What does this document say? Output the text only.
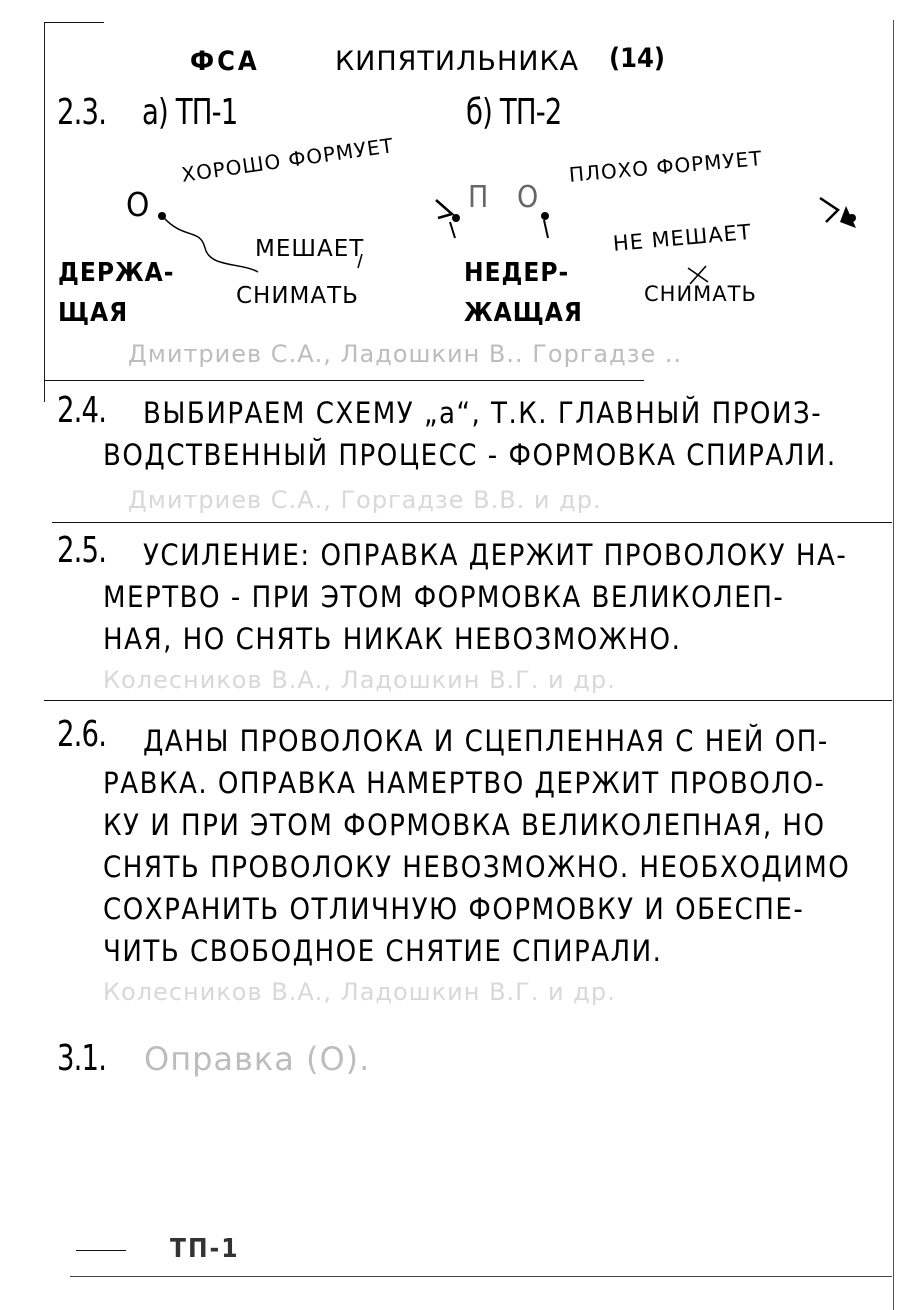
ФСА	КИПЯТИЛЬНИКА (14)
2.3. а) ТП-1	б) ТП-2
О
ХОРОШО ФОРМУЕТ
П О
ПЛОХО ФОРМУЕТ
ДЕРЖА-
ЩАЯ
МЕШАЕТ
СНИМАТЬ
НЕДЕР-
ЖАЩАЯ
НЕ МЕШАЕТ
СНИМАТЬ
Дмитриев С.А., Ладошкин В.. Горгадзе ..
2.4. ВЫБИРАЕМ СХЕМУ „а“, Т.К. ГЛАВНЫЙ ПРОИЗ-
ВОДСТВЕННЫЙ ПРОЦЕСС - ФОРМОВКА СПИРАЛИ.
Дмитриев С.А., Горгадзе В.В. и др.
2.5. УСИЛЕНИЕ: ОПРАВКА ДЕРЖИТ ПРОВОЛОКУ НА-
МЕРТВО - ПРИ ЭТОМ ФОРМОВКА ВЕЛИКОЛЕП-
НАЯ, НО СНЯТЬ НИКАК НЕВОЗМОЖНО.
Колесников В.А., Ладошкин В.Г. и др.
2.6. ДАНЫ ПРОВОЛОКА И СЦЕПЛЕННАЯ С НЕЙ ОП-
РАВКА. ОПРАВКА НАМЕРТВО ДЕРЖИТ ПРОВОЛО-
КУ И ПРИ ЭТОМ ФОРМОВКА ВЕЛИКОЛЕПНАЯ, НО
СНЯТЬ ПРОВОЛОКУ НЕВОЗМОЖНО. НЕОБХОДИМО
СОХРАНИТЬ ОТЛИЧНУЮ ФОРМОВКУ И ОБЕСПЕ-
ЧИТЬ СВОБОДНОЕ СНЯТИЕ СПИРАЛИ.
Колесников В.А., Ладошкин В.Г. и др.
3.1. Оправка (О).
ТП-1
